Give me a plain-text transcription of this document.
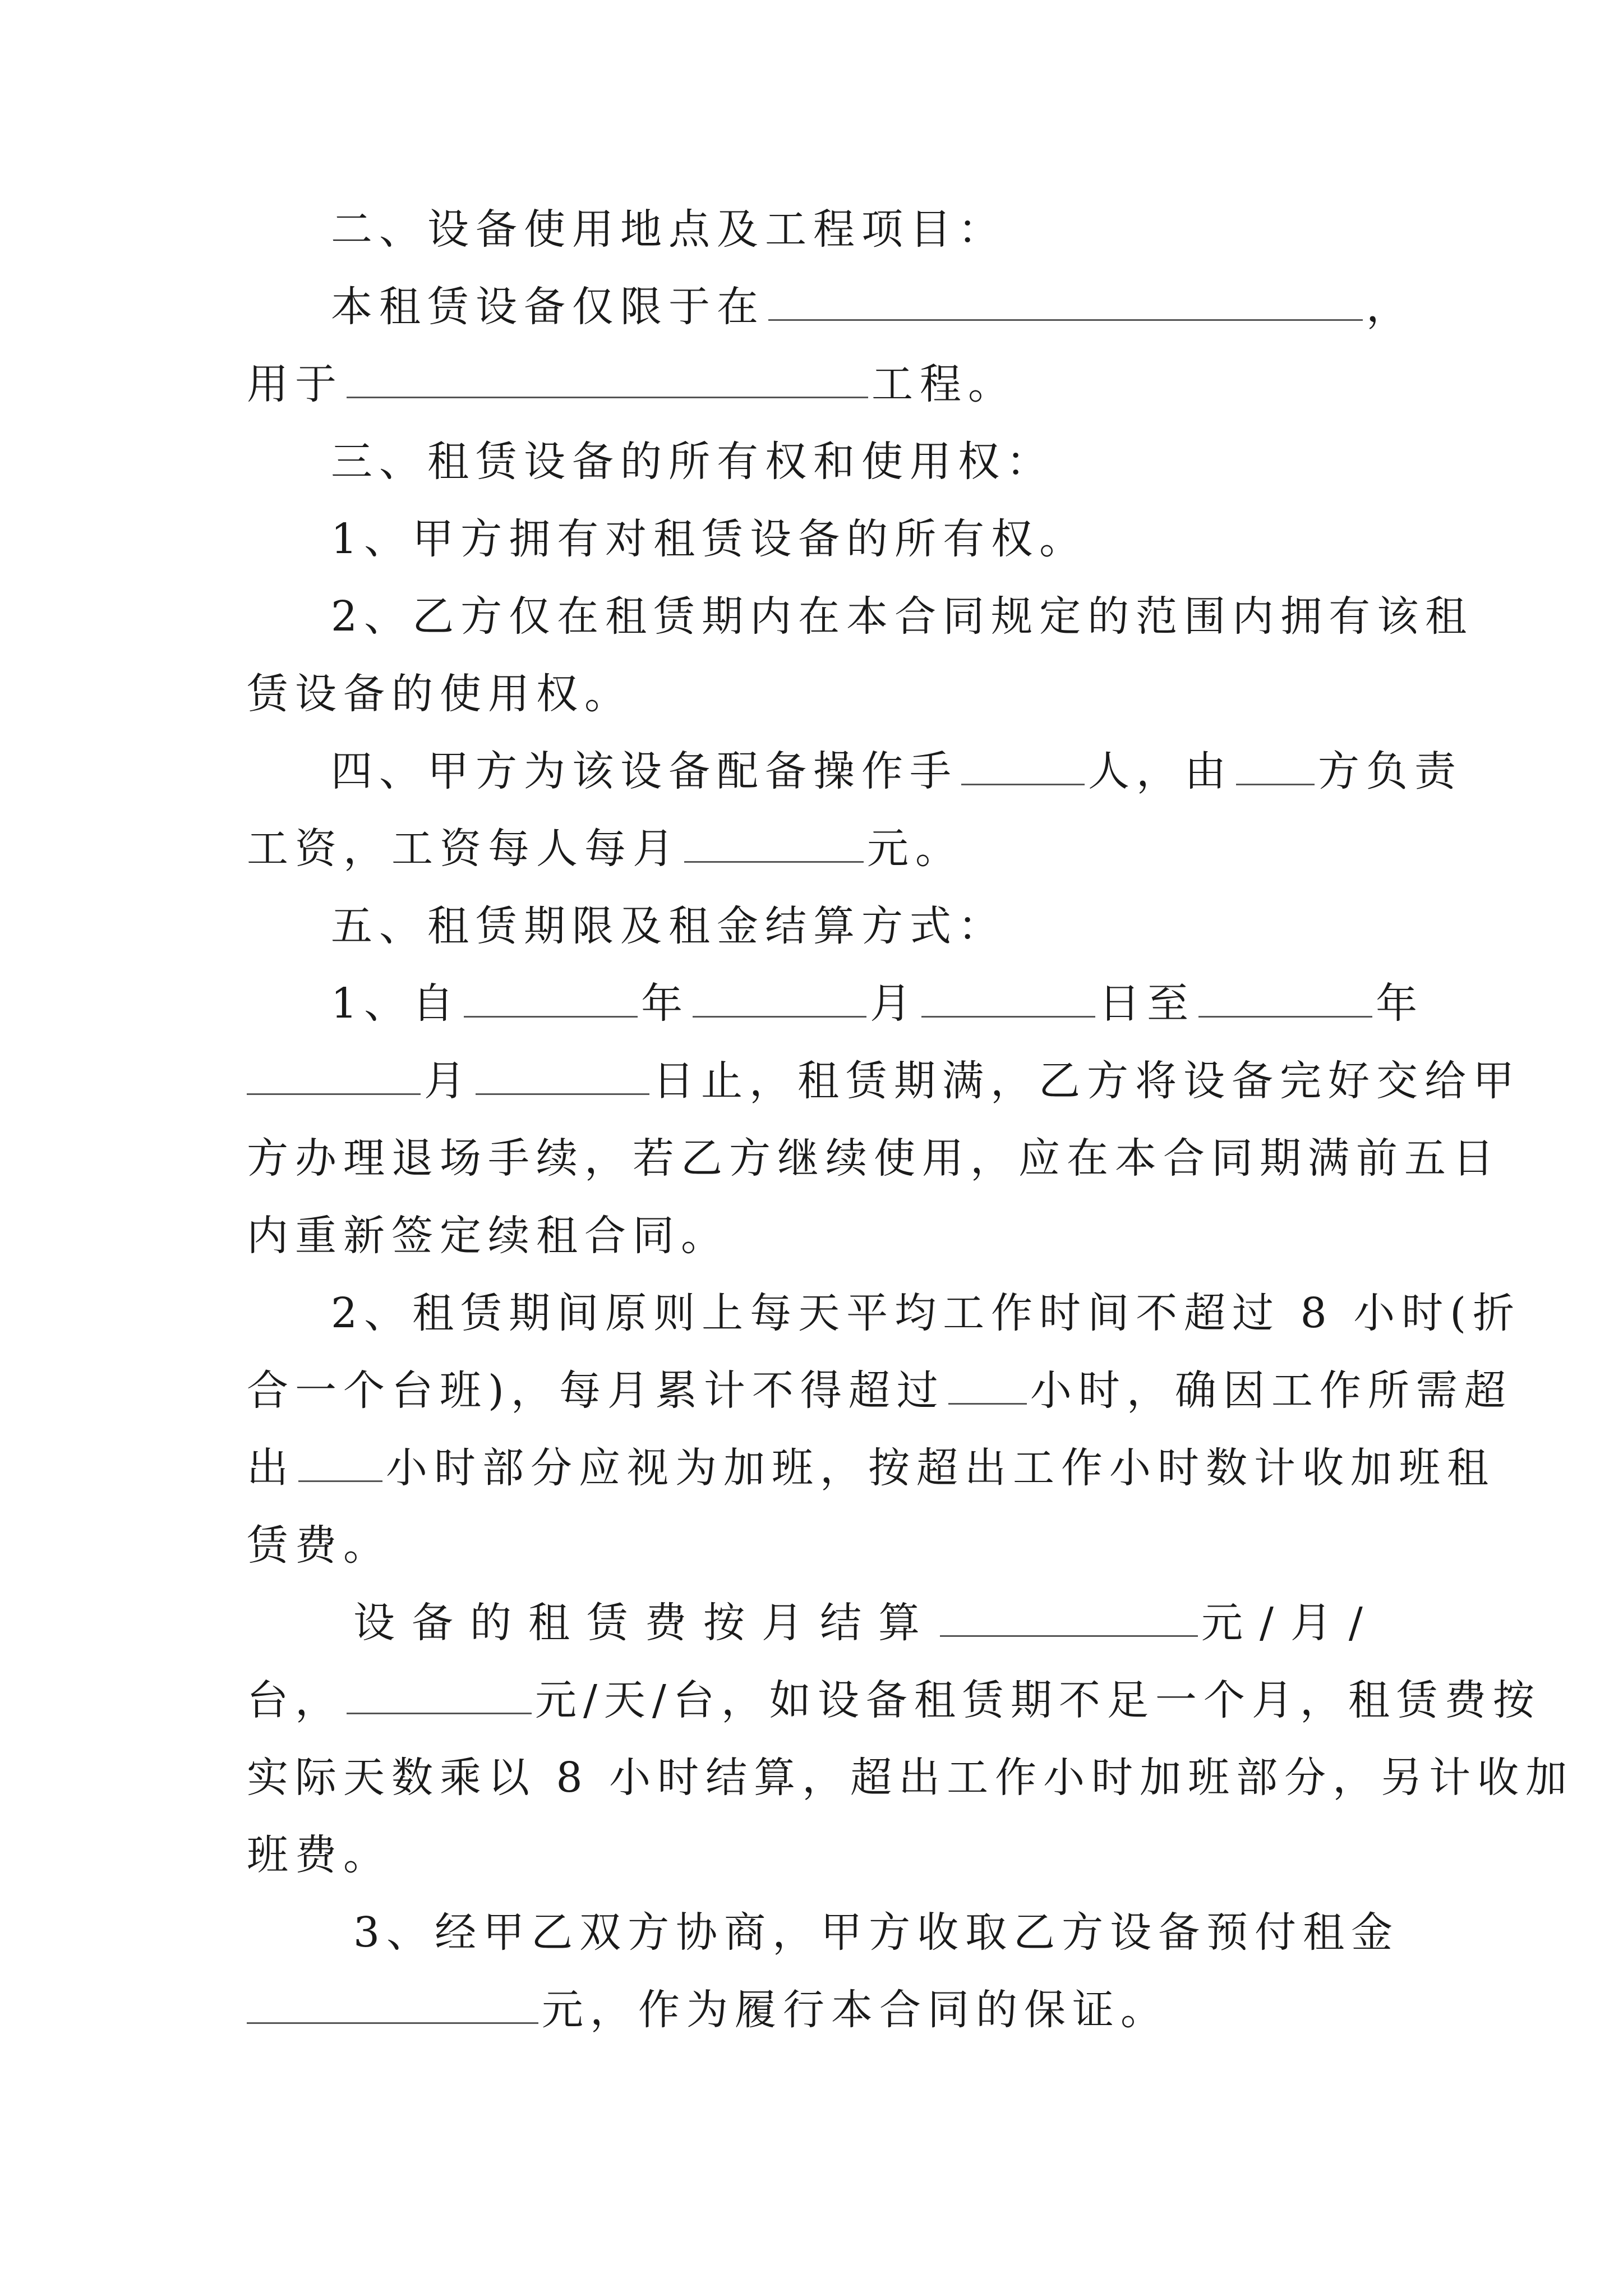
二、设备使用地点及工程项目：
本租赁设备仅限于在	，
用于	工程。
三、租赁设备的所有权和使用权：
1、甲方拥有对租赁设备的所有权。
2、乙方仅在租赁期内在本合同规定的范围内拥有该租
赁设备的使用权。
四、甲方为该设备配备操作手	人，由 方负责
工资，工资每人每月	元。
五、租赁期限及租金结算方式：
1、自	年	月	日至	年
月	日止，租赁期满，乙方将设备完好交给甲
方办理退场手续，若乙方继续使用，应在本合同期满前五日
内重新签定续租合同。
2、租赁期间原则上每天平均工作时间不超过 8 小时(折
合一个台班)，每月累计不得超过 小时，确因工作所需超
出 小时部分应视为加班，按超出工作小时数计收加班租
赁费。
设备的租赁费按月结算	元/月/
台，	元/天/台，如设备租赁期不足一个月，租赁费按
实际天数乘以 8 小时结算，超出工作小时加班部分，另计收加
班费。
3、经甲乙双方协商，甲方收取乙方设备预付租金
元，作为履行本合同的保证。
